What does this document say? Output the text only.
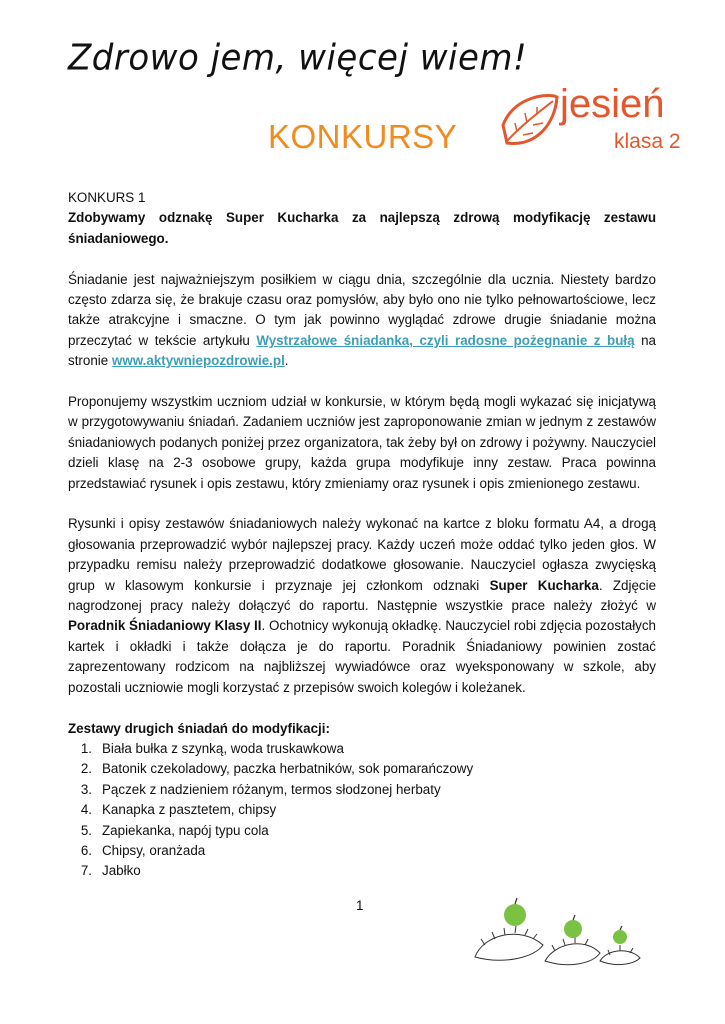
Zdrowo jem, więcej wiem!
KONKURSY
jesień
klasa 2

KONKURS 1

Zdobywamy odznakę Super Kucharka za najlepszą zdrową modyfikację zestawu śniadaniowego.

Śniadanie jest najważniejszym posiłkiem w ciągu dnia, szczególnie dla ucznia. Niestety bardzo często zdarza się, że brakuje czasu oraz pomysłów, aby było ono nie tylko pełnowartościowe, lecz także atrakcyjne i smaczne. O tym jak powinno wyglądać zdrowe drugie śniadanie można przeczytać w tekście artykułu Wystrzałowe śniadanka, czyli radosne pożegnanie z bułą na stronie www.aktywniepozdrowie.pl.

Proponujemy wszystkim uczniom udział w konkursie, w którym będą mogli wykazać się inicjatywą w przygotowywaniu śniadań. Zadaniem uczniów jest zaproponowanie zmian w jednym z zestawów śniadaniowych podanych poniżej przez organizatora, tak żeby był on zdrowy i pożywny. Nauczyciel dzieli klasę na 2-3 osobowe grupy, każda grupa modyfikuje inny zestaw. Praca powinna przedstawiać rysunek i opis zestawu, który zmieniamy oraz rysunek i opis zmienionego zestawu.

Rysunki i opisy zestawów śniadaniowych należy wykonać na kartce z bloku formatu A4, a drogą głosowania przeprowadzić wybór najlepszej pracy. Każdy uczeń może oddać tylko jeden głos. W przypadku remisu należy przeprowadzić dodatkowe głosowanie. Nauczyciel ogłasza zwycięską grup w klasowym konkursie i przyznaje jej członkom odznaki Super Kucharka. Zdjęcie nagrodzonej pracy należy dołączyć do raportu. Następnie wszystkie prace należy złożyć w Poradnik Śniadaniowy Klasy II. Ochotnicy wykonują okładkę. Nauczyciel robi zdjęcia pozostałych kartek i okładki i także dołącza je do raportu. Poradnik Śniadaniowy powinien zostać zaprezentowany rodzicom na najbliższej wywiadówce oraz wyeksponowany w szkole, aby pozostali uczniowie mogli korzystać z przepisów swoich kolegów i koleżanek.

Zestawy drugich śniadań do modyfikacji:

1. Biała bułka z szynką, woda truskawkowa
2. Batonik czekoladowy, paczka herbatników, sok pomarańczowy
3. Pączek z nadzieniem różanym, termos słodzonej herbaty
4. Kanapka z pasztetem, chipsy
5. Zapiekanka, napój typu cola
6. Chipsy, oranżada
7. Jabłko
1
